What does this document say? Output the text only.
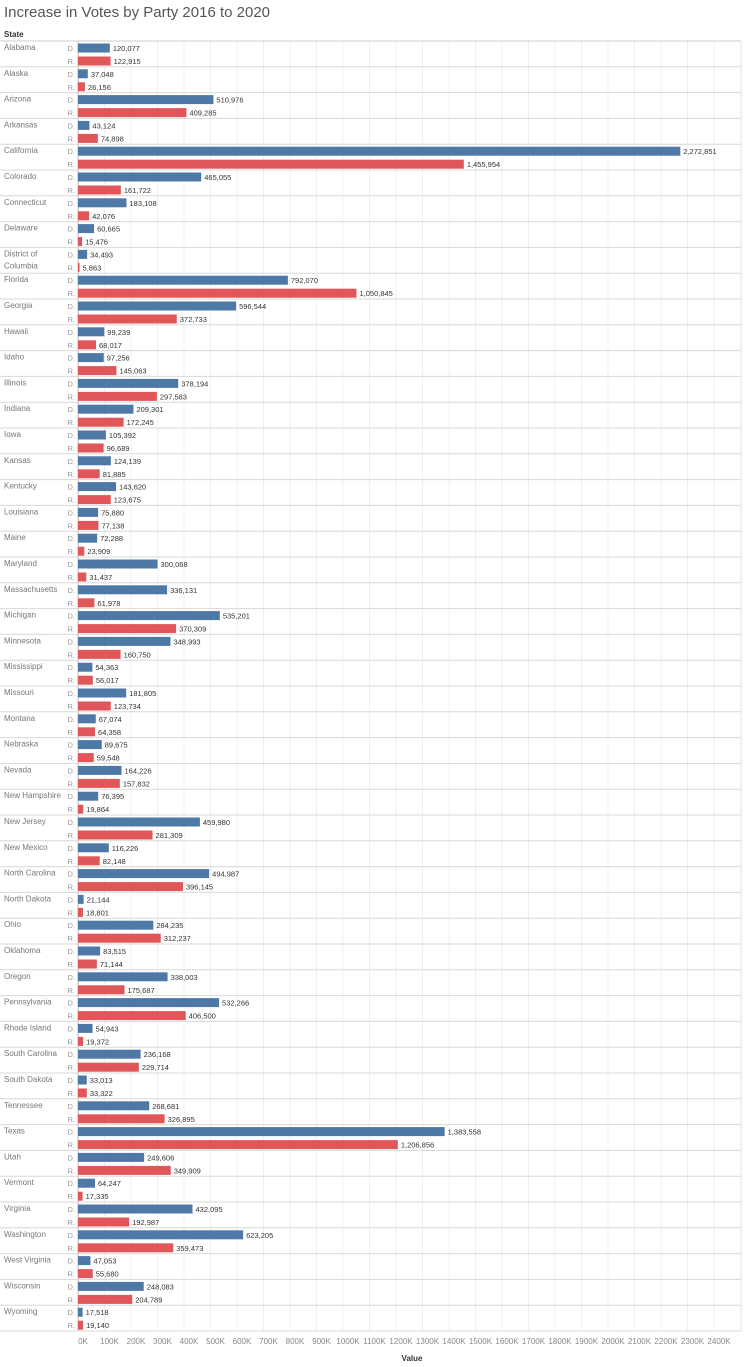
Increase in Votes by Party 2016 to 2020
State
0K 100K 200K 300K 400K 500K 600K 700K 800K 900K 1000K 1100K 1200K 1300K 1400K 1500K 1600K 1700K 1800K 1900K 2000K 2100K 2200K 2300K 2400K
Alabama	D.	120,077
R.	122,915
Alaska	D. 37,048
R. 26,156
Arizona	D.	510,976
R.	409,285
Arkansas	D. 43,124
R.	74,898
California	D.	2,272,851
R.	1,455,954
Colorado	D.	465,055
R.	161,722
Connecticut	D.	183,108
R. 42,076
Delaware	D.	60,665
R. 15,476
District of
Columbia
D. 34,493
R. 5,863
Florida	D.	792,070
R.	1,050,845
Georgia	D.	596,544
R.	372,733
Hawaii	D.	99,239
R.	68,017
Idaho	D.	97,256
R.	145,063
Illinois	D.	378,194
R.	297,583
Indiana	D.	209,301
R.	172,245
Iowa	D.	105,392
R.	96,689
Kansas	D.	124,139
R.	81,885
Kentucky	D.	143,620
R.	123,675
Louisiana	D.	75,880
R.	77,138
Maine	D.	72,288
R. 23,909
Maryland	D.	300,068
R. 31,437
Massachusetts D.	336,131
R.	61,978
Michigan	D.	535,201
R.	370,309
Minnesota	D.	348,993
R.	160,750
Mississippi	D.	54,363
R.	56,017
Missouri	D.	181,805
R.	123,734
Montana	D.	67,074
R.	64,358
Nebraska	D.	89,675
R.	59,548
Nevada	D.	164,226
R.	157,832
New Hampshire D.	76,395
R. 19,864
New Jersey	D.	459,980
R.	281,309
New Mexico	D.	116,226
R.	82,148
North Carolina D.	494,987
R.	396,145
North Dakota D. 21,144
R. 18,801
Ohio	D.	284,235
R.	312,237
Oklahoma	D.	83,515
R.	71,144
Oregon	D.	338,003
R.	175,687
Pennsylvania D.	532,266
R.	406,500
Rhode Island D.	54,943
R. 19,372
South Carolina D.	236,168
R.	229,714
South Dakota D. 33,013
R. 33,322
Tennessee	D.	268,681
R.	326,895
Texas	D.	1,383,558
R.	1,206,856
Utah	D.	249,606
R.	349,909
Vermont	D.	64,247
R. 17,335
Virginia	D.	432,095
R.	192,987
Washington	D.	623,205
R.	359,473
West Virginia D. 47,053
R.	55,680
Wisconsin	D.	248,083
R.	204,789
Wyoming	D. 17,518
R. 19,140
Value
